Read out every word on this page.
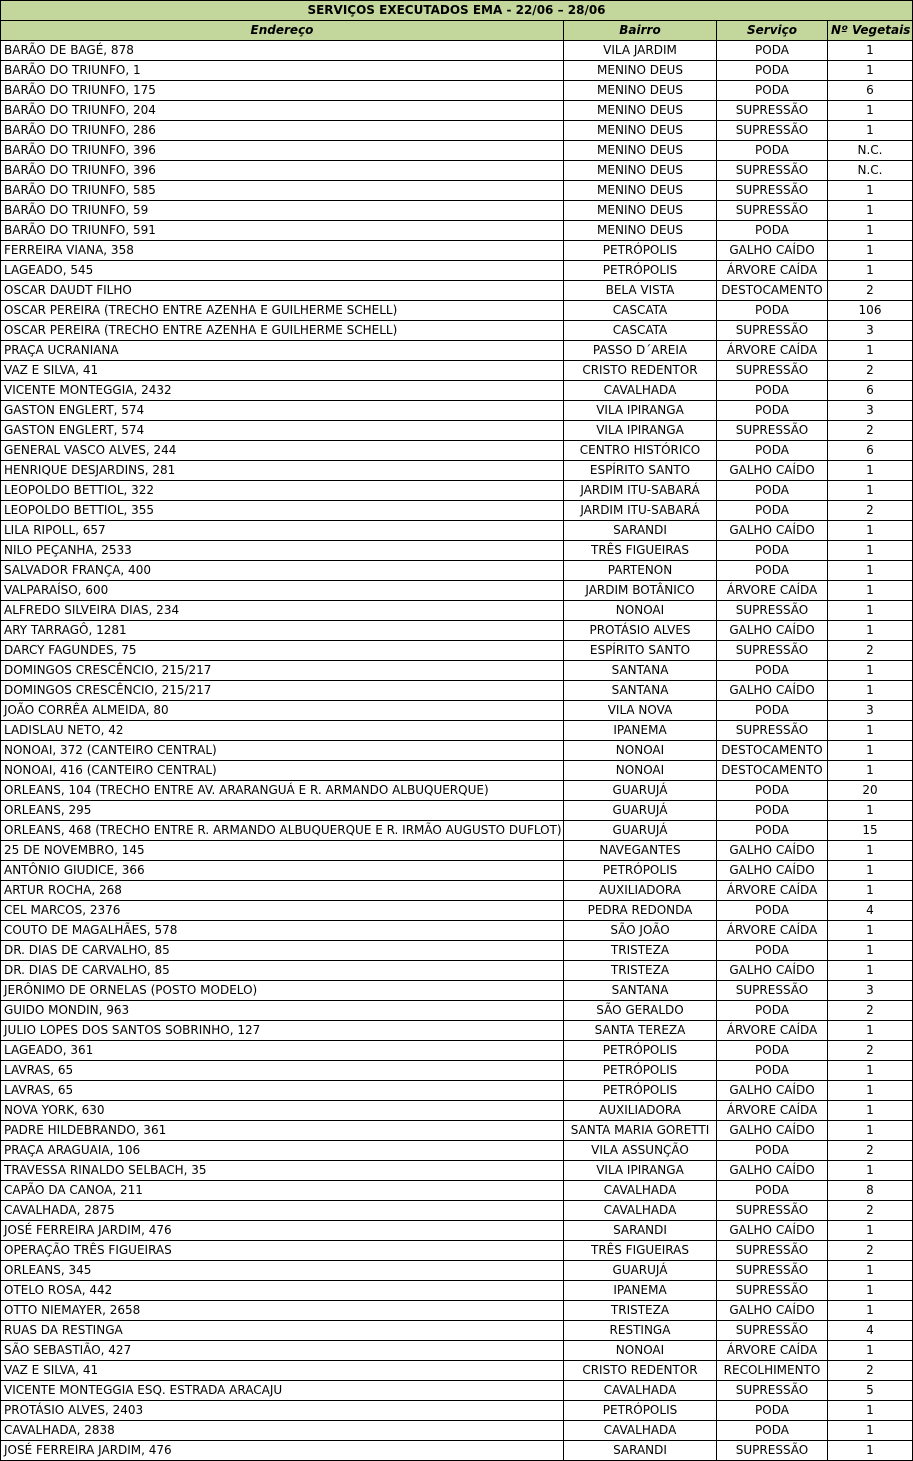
SERVIÇOS EXECUTADOS EMA - 22/06 – 28/06			
Endereço	Bairro	Serviço	Nº Vegetais
BARÃO DE BAGÉ, 878	VILA JARDIM	PODA	1
BARÃO DO TRIUNFO, 1	MENINO DEUS	PODA	1
BARÃO DO TRIUNFO, 175	MENINO DEUS	PODA	6
BARÃO DO TRIUNFO, 204	MENINO DEUS	SUPRESSÃO	1
BARÃO DO TRIUNFO, 286	MENINO DEUS	SUPRESSÃO	1
BARÃO DO TRIUNFO, 396	MENINO DEUS	PODA	N.C.
BARÃO DO TRIUNFO, 396	MENINO DEUS	SUPRESSÃO	N.C.
BARÃO DO TRIUNFO, 585	MENINO DEUS	SUPRESSÃO	1
BARÃO DO TRIUNFO, 59	MENINO DEUS	SUPRESSÃO	1
BARÃO DO TRIUNFO, 591	MENINO DEUS	PODA	1
FERREIRA VIANA, 358	PETRÓPOLIS	GALHO CAÍDO	1
LAGEADO, 545	PETRÓPOLIS	ÁRVORE CAÍDA	1
OSCAR DAUDT FILHO	BELA VISTA	DESTOCAMENTO	2
OSCAR PEREIRA (TRECHO ENTRE AZENHA E GUILHERME SCHELL)	CASCATA	PODA	106
OSCAR PEREIRA (TRECHO ENTRE AZENHA E GUILHERME SCHELL)	CASCATA	SUPRESSÃO	3
PRAÇA UCRANIANA	PASSO D´AREIA	ÁRVORE CAÍDA	1
VAZ E SILVA, 41	CRISTO REDENTOR	SUPRESSÃO	2
VICENTE MONTEGGIA, 2432	CAVALHADA	PODA	6
GASTON ENGLERT, 574	VILA IPIRANGA	PODA	3
GASTON ENGLERT, 574	VILA IPIRANGA	SUPRESSÃO	2
GENERAL VASCO ALVES, 244	CENTRO HISTÓRICO	PODA	6
HENRIQUE DESJARDINS, 281	ESPÍRITO SANTO	GALHO CAÍDO	1
LEOPOLDO BETTIOL, 322	JARDIM ITU-SABARÁ	PODA	1
LEOPOLDO BETTIOL, 355	JARDIM ITU-SABARÁ	PODA	2
LILA RIPOLL, 657	SARANDI	GALHO CAÍDO	1
NILO PEÇANHA, 2533	TRÊS FIGUEIRAS	PODA	1
SALVADOR FRANÇA, 400	PARTENON	PODA	1
VALPARAÍSO, 600	JARDIM BOTÂNICO	ÁRVORE CAÍDA	1
ALFREDO SILVEIRA DIAS, 234	NONOAI	SUPRESSÃO	1
ARY TARRAGÔ, 1281	PROTÁSIO ALVES	GALHO CAÍDO	1
DARCY FAGUNDES, 75	ESPÍRITO SANTO	SUPRESSÃO	2
DOMINGOS CRESCÊNCIO, 215/217	SANTANA	PODA	1
DOMINGOS CRESCÊNCIO, 215/217	SANTANA	GALHO CAÍDO	1
JOÃO CORRÊA ALMEIDA, 80	VILA NOVA	PODA	3
LADISLAU NETO, 42	IPANEMA	SUPRESSÃO	1
NONOAI, 372 (CANTEIRO CENTRAL)	NONOAI	DESTOCAMENTO	1
NONOAI, 416 (CANTEIRO CENTRAL)	NONOAI	DESTOCAMENTO	1
ORLEANS, 104 (TRECHO ENTRE AV. ARARANGUÁ E R. ARMANDO ALBUQUERQUE)	GUARUJÁ	PODA	20
ORLEANS, 295	GUARUJÁ	PODA	1
ORLEANS, 468 (TRECHO ENTRE R. ARMANDO ALBUQUERQUE E R. IRMÃO AUGUSTO DUFLOT)	GUARUJÁ	PODA	15
25 DE NOVEMBRO, 145	NAVEGANTES	GALHO CAÍDO	1
ANTÔNIO GIUDICE, 366	PETRÓPOLIS	GALHO CAÍDO	1
ARTUR ROCHA, 268	AUXILIADORA	ÁRVORE CAÍDA	1
CEL MARCOS, 2376	PEDRA REDONDA	PODA	4
COUTO DE MAGALHÃES, 578	SÃO JOÃO	ÁRVORE CAÍDA	1
DR. DIAS DE CARVALHO, 85	TRISTEZA	PODA	1
DR. DIAS DE CARVALHO, 85	TRISTEZA	GALHO CAÍDO	1
JERÔNIMO DE ORNELAS (POSTO MODELO)	SANTANA	SUPRESSÃO	3
GUIDO MONDIN, 963	SÃO GERALDO	PODA	2
JULIO LOPES DOS SANTOS SOBRINHO, 127	SANTA TEREZA	ÁRVORE CAÍDA	1
LAGEADO, 361	PETRÓPOLIS	PODA	2
LAVRAS, 65	PETRÓPOLIS	PODA	1
LAVRAS, 65	PETRÓPOLIS	GALHO CAÍDO	1
NOVA YORK, 630	AUXILIADORA	ÁRVORE CAÍDA	1
PADRE HILDEBRANDO, 361	SANTA MARIA GORETTI	GALHO CAÍDO	1
PRAÇA ARAGUAIA, 106	VILA ASSUNÇÃO	PODA	2
TRAVESSA RINALDO SELBACH, 35	VILA IPIRANGA	GALHO CAÍDO	1
CAPÃO DA CANOA, 211	CAVALHADA	PODA	8
CAVALHADA, 2875	CAVALHADA	SUPRESSÃO	2
JOSÉ FERREIRA JARDIM, 476	SARANDI	GALHO CAÍDO	1
OPERAÇÃO TRÊS FIGUEIRAS	TRÊS FIGUEIRAS	SUPRESSÃO	2
ORLEANS, 345	GUARUJÁ	SUPRESSÃO	1
OTELO ROSA, 442	IPANEMA	SUPRESSÃO	1
OTTO NIEMAYER, 2658	TRISTEZA	GALHO CAÍDO	1
RUAS DA RESTINGA	RESTINGA	SUPRESSÃO	4
SÃO SEBASTIÃO, 427	NONOAI	ÁRVORE CAÍDA	1
VAZ E SILVA, 41	CRISTO REDENTOR	RECOLHIMENTO	2
VICENTE MONTEGGIA ESQ. ESTRADA ARACAJU	CAVALHADA	SUPRESSÃO	5
PROTÁSIO ALVES, 2403	PETRÓPOLIS	PODA	1
CAVALHADA, 2838	CAVALHADA	PODA	1
JOSÉ FERREIRA JARDIM, 476	SARANDI	SUPRESSÃO	1
